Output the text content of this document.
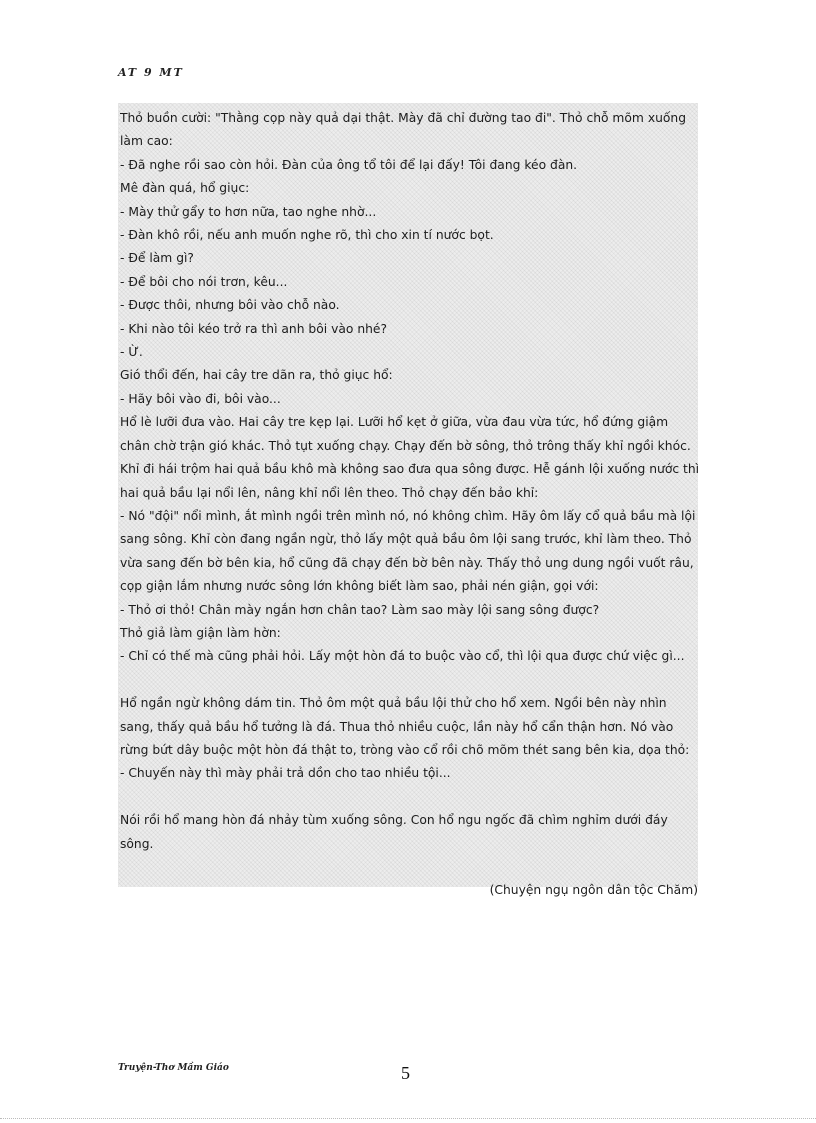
AT 9 MT

Thỏ buồn cười: "Thằng cọp này quả dại thật. Mày đã chỉ đường tao đi". Thỏ chỗ mõm xuống

làm cao:

- Đã nghe rồi sao còn hỏi. Đàn của ông tổ tôi để lại đấy! Tôi đang kéo đàn.

Mê đàn quá, hổ giục:

- Mày thử gẩy to hơn nữa, tao nghe nhờ...

- Đàn khô rồi, nếu anh muốn nghe rõ, thì cho xin tí nước bọt.

- Để làm gì?

- Để bôi cho nói trơn, kêu...

- Được thôi, nhưng bôi vào chỗ nào.

- Khi nào tôi kéo trở ra thì anh bôi vào nhé?

- Ừ.

Gió thổi đến, hai cây tre dãn ra, thỏ giục hổ:

- Hãy bôi vào đi, bôi vào...

Hổ lè lưỡi đưa vào. Hai cây tre kẹp lại. Lưỡi hổ kẹt ở giữa, vừa đau vừa tức, hổ đứng giậm

chân chờ trận gió khác. Thỏ tụt xuống chạy. Chạy đến bờ sông, thỏ trông thấy khỉ ngồi khóc.

Khỉ đi hái trộm hai quả bầu khô mà không sao đưa qua sông được. Hễ gánh lội xuống nước thì

hai quả bầu lại nổi lên, nâng khỉ nổi lên theo. Thỏ chạy đến bảo khỉ:

- Nó "đội" nổi mình, ắt mình ngồi trên mình nó, nó không chìm. Hãy ôm lấy cổ quả bầu mà lội

sang sông. Khỉ còn đang ngần ngừ, thỏ lấy một quả bầu ôm lội sang trước, khỉ làm theo. Thỏ

vừa sang đến bờ bên kia, hổ cũng đã chạy đến bờ bên này. Thấy thỏ ung dung ngồi vuốt râu,

cọp giận lắm nhưng nước sông lớn không biết làm sao, phải nén giận, gọi với:

- Thỏ ơi thỏ! Chân mày ngắn hơn chân tao? Làm sao mày lội sang sông được?

Thỏ giả làm giận làm hờn:

- Chỉ có thế mà cũng phải hỏi. Lấy một hòn đá to buộc vào cổ, thì lội qua được chứ việc gì...

Hổ ngần ngừ không dám tin. Thỏ ôm một quả bầu lội thử cho hổ xem. Ngồi bên này nhìn

sang, thấy quả bầu hổ tưởng là đá. Thua thỏ nhiều cuộc, lần này hổ cẩn thận hơn. Nó vào

rừng bứt dây buộc một hòn đá thật to, tròng vào cổ rồi chõ mõm thét sang bên kia, dọa thỏ:

- Chuyến này thì mày phải trả dồn cho tao nhiều tội...

Nói rồi hổ mang hòn đá nhảy tùm xuống sông. Con hổ ngu ngốc đã chìm nghỉm dưới đáy

sông.

(Chuyện ngụ ngôn dân tộc Chăm)

Truyện-Thơ Mầm Giáo	5
